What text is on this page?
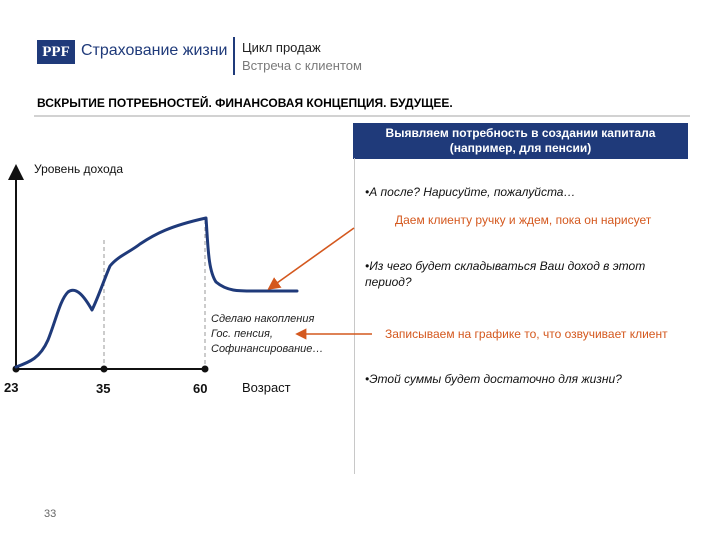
PPF Страхование жизни Цикл продаж
Встреча с клиентом
ВСКРЫТИЕ ПОТРЕБНОСТЕЙ. ФИНАНСОВАЯ КОНЦЕПЦИЯ. БУДУЩЕЕ.
Выявляем потребность в создании капитала (например, для пенсии)
Уровень дохода
23	35	60	Возраст
Сделаю накопления
Гос. пенсия,
Софинансирование…
•А после? Нарисуйте, пожалуйста…
Даем клиенту ручку и ждем, пока он нарисует
•Из чего будет складываться Ваш доход в этот период?
Записываем на графике то, что озвучивает клиент
•Этой суммы будет достаточно для жизни?
33
